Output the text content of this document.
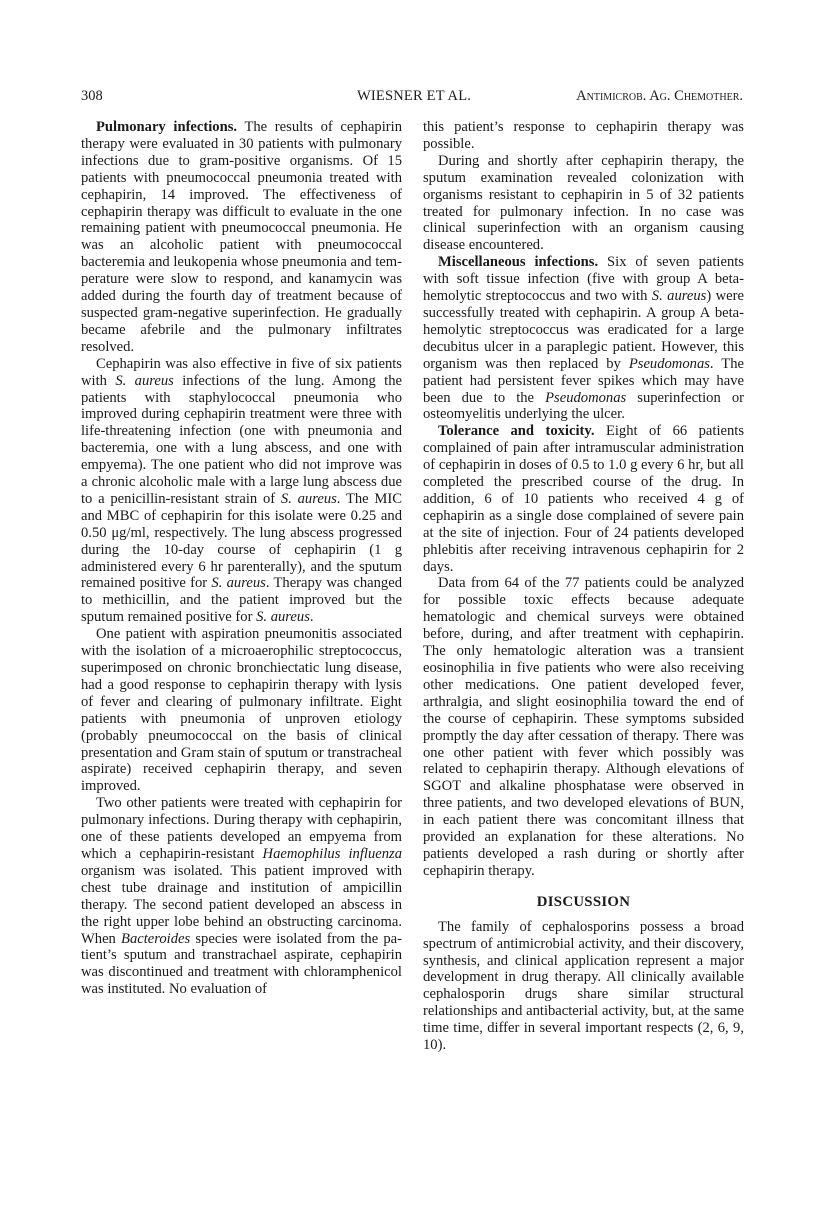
308	WIESNER ET AL.	Antimicrob. Ag. Chemother.

Pulmonary infections. The results of cephapirin therapy were evaluated in 30 patients with pulmonary infections due to gram-positive organisms. Of 15 patients with pneumococcal pneumonia treated with cephapirin, 14 improved. The effectiveness of cephapirin therapy was difficult to evaluate in the one remaining patient with pneumococcal pneumonia. He was an alcoholic patient with pneumococcal bacteremia and leukopenia whose pneumonia and temperature were slow to respond, and kanamycin was added during the fourth day of treatment because of suspected gram-negative superinfection. He gradually became afebrile and the pulmonary infiltrates resolved.

Cephapirin was also effective in five of six patients with S. aureus infections of the lung. Among the patients with staphylococcal pneumonia who improved during cephapirin treatment were three with life-threatening infection (one with pneumonia and bacteremia, one with a lung abscess, and one with empyema). The one patient who did not improve was a chronic alcoholic male with a large lung abscess due to a penicillin-resistant strain of S. aureus. The MIC and MBC of cephapirin for this isolate were 0.25 and 0.50 μg/ml, respectively. The lung abscess progressed during the 10-day course of cephapirin (1 g administered every 6 hr parenterally), and the sputum remained positive for S. aureus. Therapy was changed to methicillin, and the patient improved but the sputum remained positive for S. aureus.

One patient with aspiration pneumonitis associated with the isolation of a microaerophilic streptococcus, superimposed on chronic bronchiectatic lung disease, had a good response to cephapirin therapy with lysis of fever and clearing of pulmonary infiltrate. Eight patients with pneumonia of unproven etiology (probably pneumococcal on the basis of clinical presentation and Gram stain of sputum or transtracheal aspirate) received cephapirin therapy, and seven improved.

Two other patients were treated with cephapirin for pulmonary infections. During therapy with cephapirin, one of these patients developed an empyema from which a cephapirin-resistant Haemophilus influenza organism was isolated. This patient improved with chest tube drainage and institution of ampicillin therapy. The second patient developed an abscess in the right upper lobe behind an obstructing carcinoma. When Bacteroides species were isolated from the patient’s sputum and transtrachael aspirate, cephapirin was discontinued and treatment with chloramphenicol was instituted. No evaluation of

this patient’s response to cephapirin therapy was possible.

During and shortly after cephapirin therapy, the sputum examination revealed colonization with organisms resistant to cephapirin in 5 of 32 patients treated for pulmonary infection. In no case was clinical superinfection with an organism causing disease encountered.

Miscellaneous infections. Six of seven patients with soft tissue infection (five with group A beta-hemolytic streptococcus and two with S. aureus) were successfully treated with cephapirin. A group A beta-hemolytic streptococcus was eradicated for a large decubitus ulcer in a paraplegic patient. However, this organism was then replaced by Pseudomonas. The patient had persistent fever spikes which may have been due to the Pseudomonas superinfection or osteomyelitis underlying the ulcer.

Tolerance and toxicity. Eight of 66 patients complained of pain after intramuscular administration of cephapirin in doses of 0.5 to 1.0 g every 6 hr, but all completed the prescribed course of the drug. In addition, 6 of 10 patients who received 4 g of cephapirin as a single dose complained of severe pain at the site of injection. Four of 24 patients developed phlebitis after receiving intravenous cephapirin for 2 days.

Data from 64 of the 77 patients could be analyzed for possible toxic effects because adequate hematologic and chemical surveys were obtained before, during, and after treatment with cephapirin. The only hematologic alteration was a transient eosinophilia in five patients who were also receiving other medications. One patient developed fever, arthralgia, and slight eosinophilia toward the end of the course of cephapirin. These symptoms subsided promptly the day after cessation of therapy. There was one other patient with fever which possibly was related to cephapirin therapy. Although elevations of SGOT and alkaline phosphatase were observed in three patients, and two developed elevations of BUN, in each patient there was concomitant illness that provided an explanation for these alterations. No patients developed a rash during or shortly after cephapirin therapy.

DISCUSSION

The family of cephalosporins possess a broad spectrum of antimicrobial activity, and their discovery, synthesis, and clinical application represent a major development in drug therapy. All clinically available cephalosporin drugs share similar structural relationships and antibacterial activity, but, at the same time time, differ in several important respects (2, 6, 9, 10).
